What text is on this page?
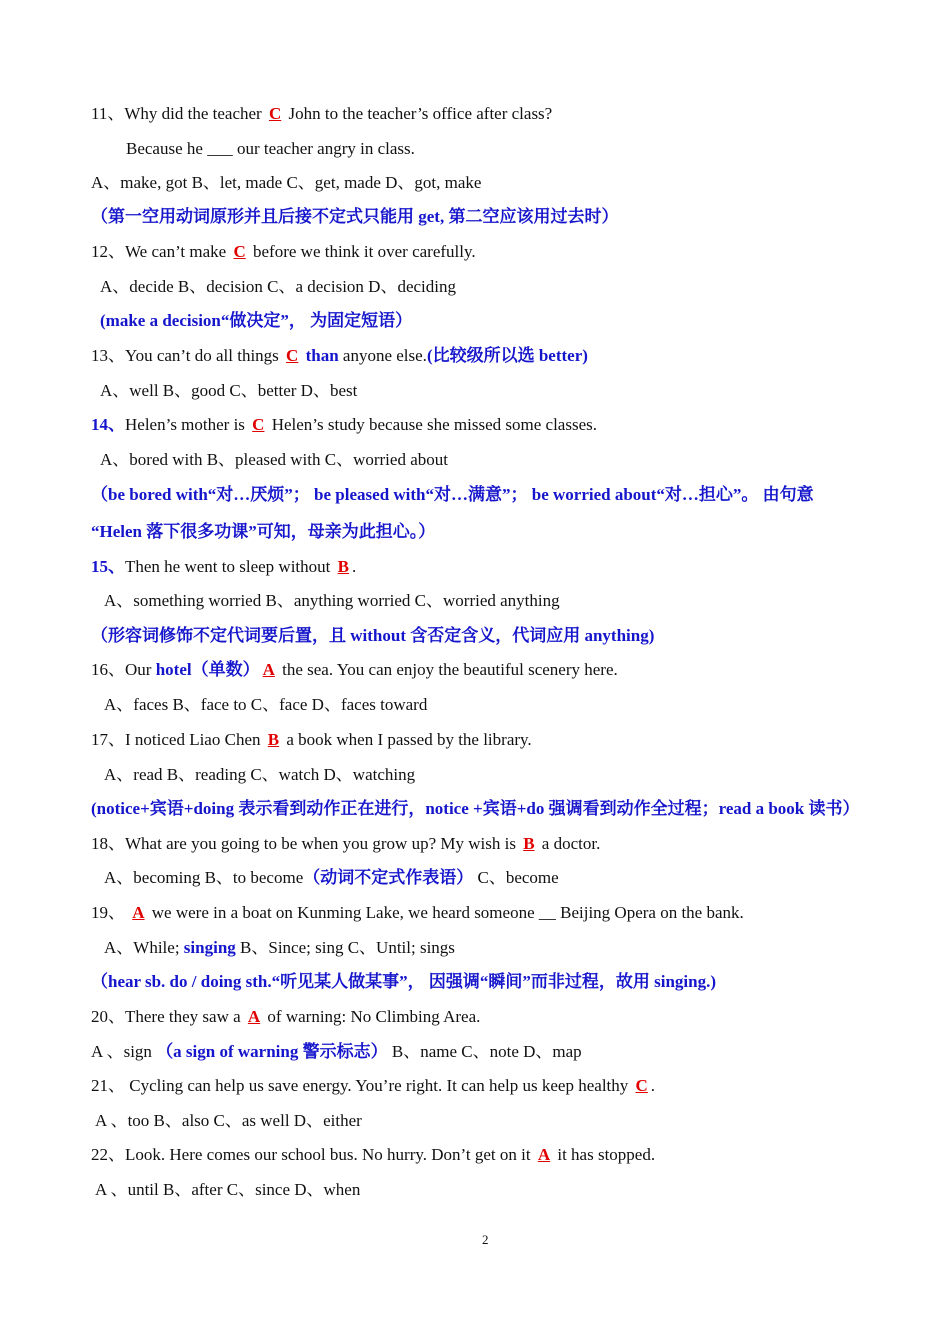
11、Why did the teacher C John to the teacher’s office after class?
Because he ___ our teacher angry in class.
A、make, got B、let, made C、get, made D、got, make
（第一空用动词原形并且后接不定式只能用 get, 第二空应该用过去时）
12、We can’t make C before we think it over carefully.
A、decide B、decision C、a decision D、deciding
(make a decision“做决定”， 为固定短语）
13、You can’t do all things C than anyone else.(比较级所以选 better)
A、well B、good C、better D、best
14、Helen’s mother is C Helen’s study because she missed some classes.
A、bored with B、pleased with C、worried about
（be bored with“对…厌烦”； be pleased with“对…满意”； be worried about“对…担心”。 由句意
“Helen 落下很多功课”可知，母亲为此担心。）
15、Then he went to sleep without B .
A、something worried B、anything worried C、worried anything
（形容词修饰不定代词要后置，且 without 含否定含义，代词应用 anything)
16、Our hotel（单数） A the sea. You can enjoy the beautiful scenery here.
A、faces B、face to C、face D、faces toward
17、I noticed Liao Chen B a book when I passed by the library.
A、read B、reading C、watch D、watching
(notice+宾语+doing 表示看到动作正在进行，notice +宾语+do 强调看到动作全过程；read a book 读书）
18、What are you going to be when you grow up? My wish is B a doctor.
A、becoming B、to become（动词不定式作表语） C、become
19、 A we were in a boat on Kunming Lake, we heard someone __ Beijing Opera on the bank.
A、While; singing B、Since; sing C、Until; sings
（hear sb. do / doing sth.“听见某人做某事”， 因强调“瞬间”而非过程，故用 singing.)
20、There they saw a A of warning: No Climbing Area.
A 、sign （a sign of warning 警示标志） B、name C、note D、map
21、 Cycling can help us save energy. You’re right. It can help us keep healthy C .
A 、too B、also C、as well D、either
22、Look. Here comes our school bus. No hurry. Don’t get on it A it has stopped.
A 、until B、after C、since D、when
2
